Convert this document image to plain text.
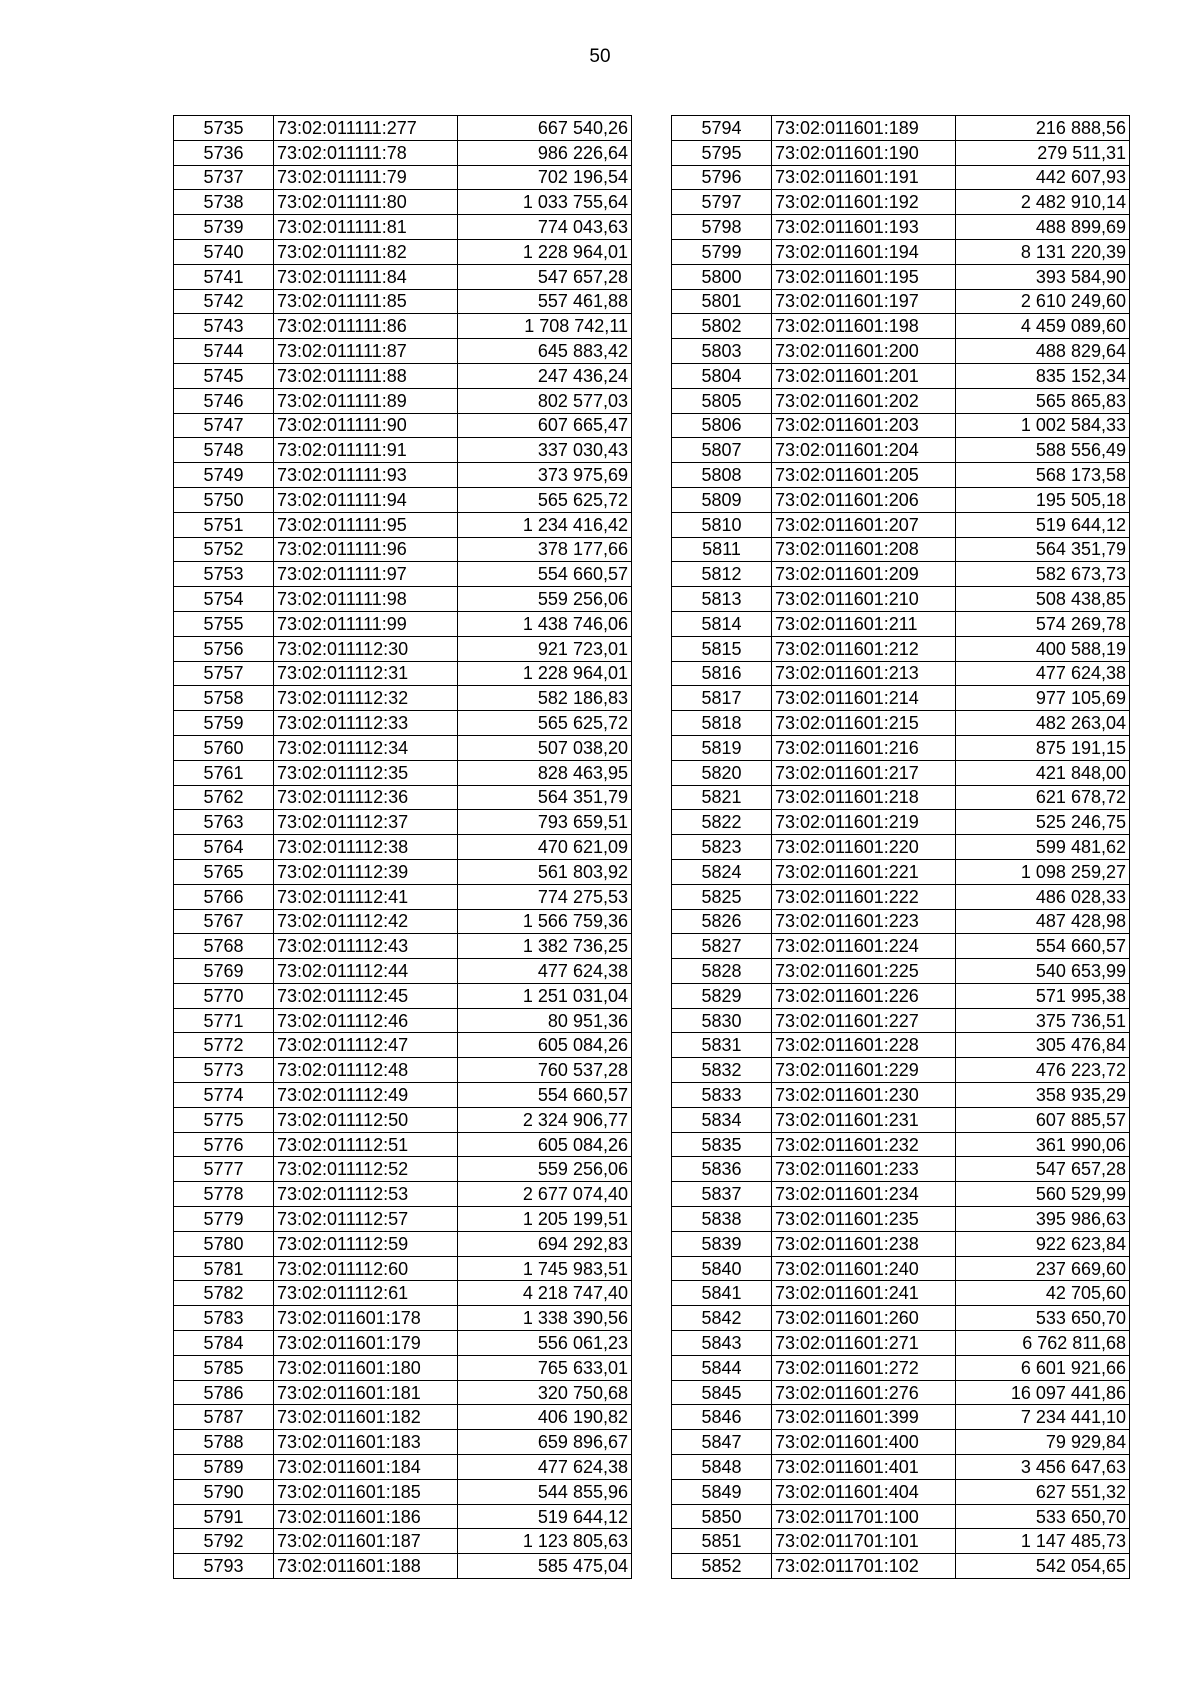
50
5735	73:02:011111:277	667 540,26
5736	73:02:011111:78	986 226,64
5737	73:02:011111:79	702 196,54
5738	73:02:011111:80	1 033 755,64
5739	73:02:011111:81	774 043,63
5740	73:02:011111:82	1 228 964,01
5741	73:02:011111:84	547 657,28
5742	73:02:011111:85	557 461,88
5743	73:02:011111:86	1 708 742,11
5744	73:02:011111:87	645 883,42
5745	73:02:011111:88	247 436,24
5746	73:02:011111:89	802 577,03
5747	73:02:011111:90	607 665,47
5748	73:02:011111:91	337 030,43
5749	73:02:011111:93	373 975,69
5750	73:02:011111:94	565 625,72
5751	73:02:011111:95	1 234 416,42
5752	73:02:011111:96	378 177,66
5753	73:02:011111:97	554 660,57
5754	73:02:011111:98	559 256,06
5755	73:02:011111:99	1 438 746,06
5756	73:02:011112:30	921 723,01
5757	73:02:011112:31	1 228 964,01
5758	73:02:011112:32	582 186,83
5759	73:02:011112:33	565 625,72
5760	73:02:011112:34	507 038,20
5761	73:02:011112:35	828 463,95
5762	73:02:011112:36	564 351,79
5763	73:02:011112:37	793 659,51
5764	73:02:011112:38	470 621,09
5765	73:02:011112:39	561 803,92
5766	73:02:011112:41	774 275,53
5767	73:02:011112:42	1 566 759,36
5768	73:02:011112:43	1 382 736,25
5769	73:02:011112:44	477 624,38
5770	73:02:011112:45	1 251 031,04
5771	73:02:011112:46	80 951,36
5772	73:02:011112:47	605 084,26
5773	73:02:011112:48	760 537,28
5774	73:02:011112:49	554 660,57
5775	73:02:011112:50	2 324 906,77
5776	73:02:011112:51	605 084,26
5777	73:02:011112:52	559 256,06
5778	73:02:011112:53	2 677 074,40
5779	73:02:011112:57	1 205 199,51
5780	73:02:011112:59	694 292,83
5781	73:02:011112:60	1 745 983,51
5782	73:02:011112:61	4 218 747,40
5783	73:02:011601:178	1 338 390,56
5784	73:02:011601:179	556 061,23
5785	73:02:011601:180	765 633,01
5786	73:02:011601:181	320 750,68
5787	73:02:011601:182	406 190,82
5788	73:02:011601:183	659 896,67
5789	73:02:011601:184	477 624,38
5790	73:02:011601:185	544 855,96
5791	73:02:011601:186	519 644,12
5792	73:02:011601:187	1 123 805,63
5793	73:02:011601:188	585 475,04
5794	73:02:011601:189	216 888,56
5795	73:02:011601:190	279 511,31
5796	73:02:011601:191	442 607,93
5797	73:02:011601:192	2 482 910,14
5798	73:02:011601:193	488 899,69
5799	73:02:011601:194	8 131 220,39
5800	73:02:011601:195	393 584,90
5801	73:02:011601:197	2 610 249,60
5802	73:02:011601:198	4 459 089,60
5803	73:02:011601:200	488 829,64
5804	73:02:011601:201	835 152,34
5805	73:02:011601:202	565 865,83
5806	73:02:011601:203	1 002 584,33
5807	73:02:011601:204	588 556,49
5808	73:02:011601:205	568 173,58
5809	73:02:011601:206	195 505,18
5810	73:02:011601:207	519 644,12
5811	73:02:011601:208	564 351,79
5812	73:02:011601:209	582 673,73
5813	73:02:011601:210	508 438,85
5814	73:02:011601:211	574 269,78
5815	73:02:011601:212	400 588,19
5816	73:02:011601:213	477 624,38
5817	73:02:011601:214	977 105,69
5818	73:02:011601:215	482 263,04
5819	73:02:011601:216	875 191,15
5820	73:02:011601:217	421 848,00
5821	73:02:011601:218	621 678,72
5822	73:02:011601:219	525 246,75
5823	73:02:011601:220	599 481,62
5824	73:02:011601:221	1 098 259,27
5825	73:02:011601:222	486 028,33
5826	73:02:011601:223	487 428,98
5827	73:02:011601:224	554 660,57
5828	73:02:011601:225	540 653,99
5829	73:02:011601:226	571 995,38
5830	73:02:011601:227	375 736,51
5831	73:02:011601:228	305 476,84
5832	73:02:011601:229	476 223,72
5833	73:02:011601:230	358 935,29
5834	73:02:011601:231	607 885,57
5835	73:02:011601:232	361 990,06
5836	73:02:011601:233	547 657,28
5837	73:02:011601:234	560 529,99
5838	73:02:011601:235	395 986,63
5839	73:02:011601:238	922 623,84
5840	73:02:011601:240	237 669,60
5841	73:02:011601:241	42 705,60
5842	73:02:011601:260	533 650,70
5843	73:02:011601:271	6 762 811,68
5844	73:02:011601:272	6 601 921,66
5845	73:02:011601:276	16 097 441,86
5846	73:02:011601:399	7 234 441,10
5847	73:02:011601:400	79 929,84
5848	73:02:011601:401	3 456 647,63
5849	73:02:011601:404	627 551,32
5850	73:02:011701:100	533 650,70
5851	73:02:011701:101	1 147 485,73
5852	73:02:011701:102	542 054,65
